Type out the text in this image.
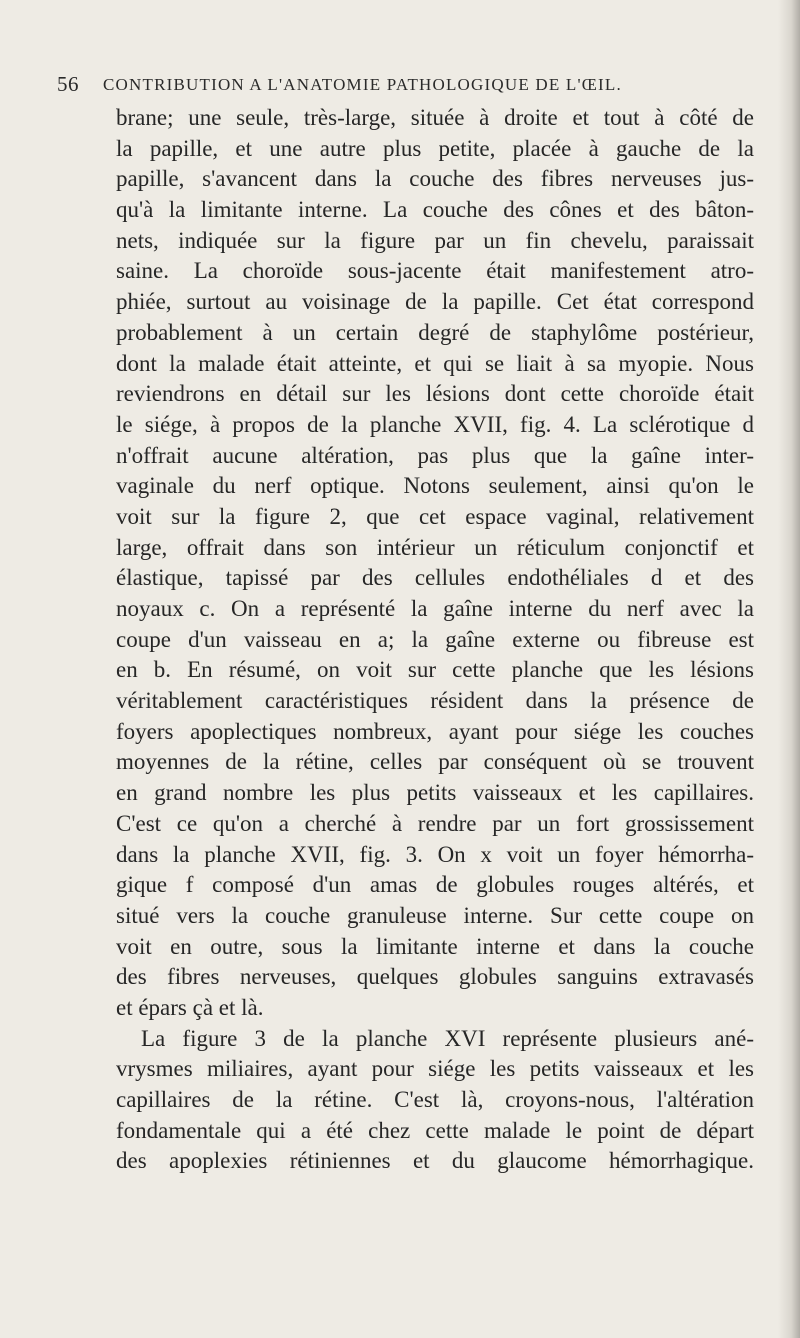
56 CONTRIBUTION A L'ANATOMIE PATHOLOGIQUE DE L'ŒIL.

brane; une seule, très-large, située à droite et tout à côté de
la papille, et une autre plus petite, placée à gauche de la
papille, s'avancent dans la couche des fibres nerveuses jus-
qu'à la limitante interne. La couche des cônes et des bâton-
nets, indiquée sur la figure par un fin chevelu, paraissait
saine. La choroïde sous-jacente était manifestement atro-
phiée, surtout au voisinage de la papille. Cet état correspond
probablement à un certain degré de staphylôme postérieur,
dont la malade était atteinte, et qui se liait à sa myopie. Nous
reviendrons en détail sur les lésions dont cette choroïde était
le siége, à propos de la planche XVII, fig. 4. La sclérotique d
n'offrait aucune altération, pas plus que la gaîne inter-
vaginale du nerf optique. Notons seulement, ainsi qu'on le
voit sur la figure 2, que cet espace vaginal, relativement
large, offrait dans son intérieur un réticulum conjonctif et
élastique, tapissé par des cellules endothéliales d et des
noyaux c. On a représenté la gaîne interne du nerf avec la
coupe d'un vaisseau en a; la gaîne externe ou fibreuse est
en b. En résumé, on voit sur cette planche que les lésions
véritablement caractéristiques résident dans la présence de
foyers apoplectiques nombreux, ayant pour siége les couches
moyennes de la rétine, celles par conséquent où se trouvent
en grand nombre les plus petits vaisseaux et les capillaires.
C'est ce qu'on a cherché à rendre par un fort grossissement
dans la planche XVII, fig. 3. On x voit un foyer hémorrha-
gique f composé d'un amas de globules rouges altérés, et
situé vers la couche granuleuse interne. Sur cette coupe on
voit en outre, sous la limitante interne et dans la couche
des fibres nerveuses, quelques globules sanguins extravasés
et épars çà et là.

La figure 3 de la planche XVI représente plusieurs ané-
vrysmes miliaires, ayant pour siége les petits vaisseaux et les
capillaires de la rétine. C'est là, croyons-nous, l'altération
fondamentale qui a été chez cette malade le point de départ
des apoplexies rétiniennes et du glaucome hémorrhagique.
